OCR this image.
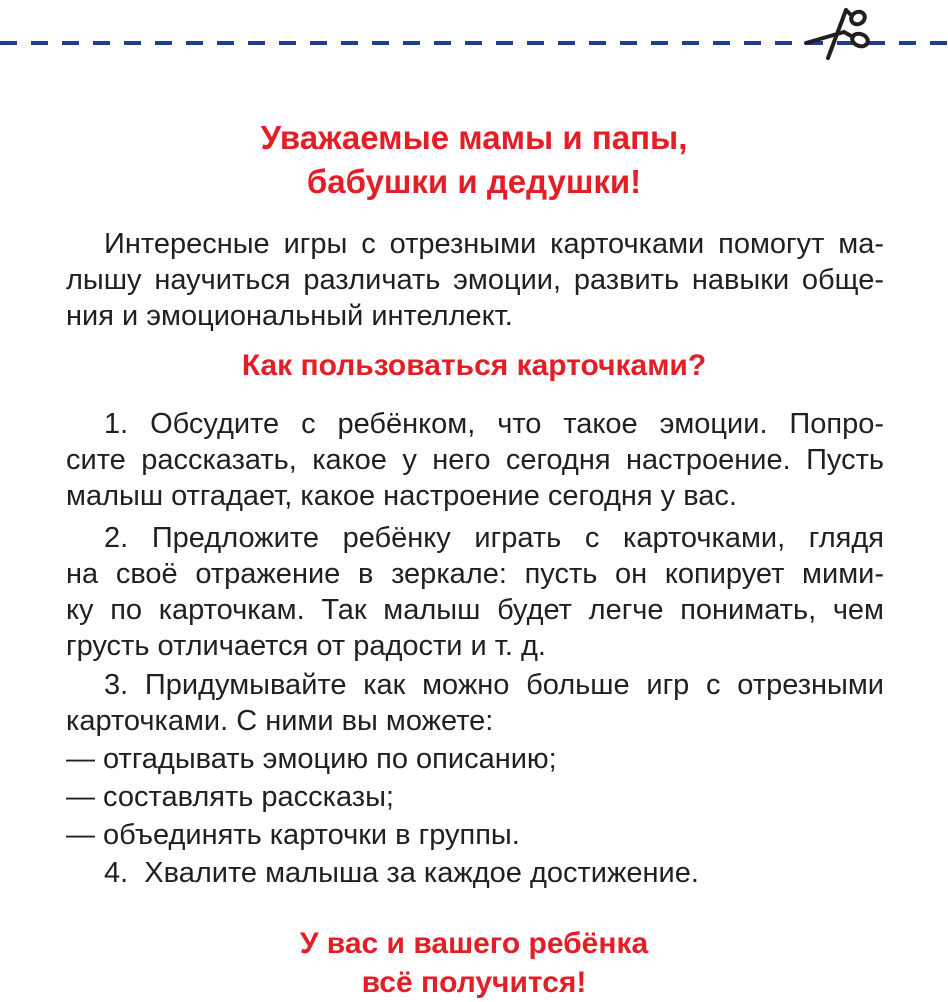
Уважаемые мамы и папы,
бабушки и дедушки!
Интересные игры с отрезными карточками помогут ма-
лышу научиться различать эмоции, развить навыки обще-
ния и эмоциональный интеллект.
Как пользоваться карточками?
1. Обсудите с ребёнком, что такое эмоции. Попро-
сите рассказать, какое у него сегодня настроение. Пусть
малыш отгадает, какое настроение сегодня у вас.
2. Предложите ребёнку играть с карточками, глядя
на своё отражение в зеркале: пусть он копирует мими-
ку по карточкам. Так малыш будет легче понимать, чем
грусть отличается от радости и т. д.
3. Придумывайте как можно больше игр с отрезными
карточками. С ними вы можете:
— отгадывать эмоцию по описанию;
— составлять рассказы;
— объединять карточки в группы.
4.  Хвалите малыша за каждое достижение.
У вас и вашего ребёнка
всё получится!
